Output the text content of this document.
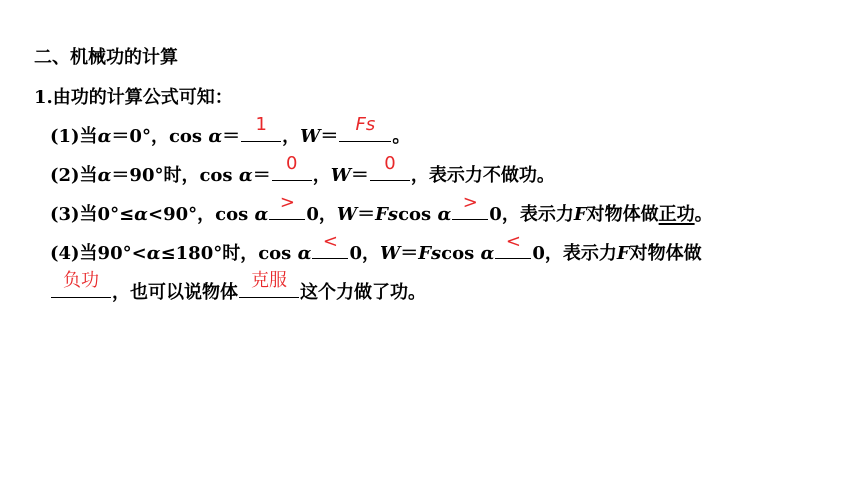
二、机械功的计算
1.由功的计算公式可知：
(1)当α＝0°，cos α＝
1
，W＝
Fs
。
(2)当α＝90°时，cos α＝
0
，W＝
0
，表示力不做功。
(3)当0°≤α<90°，cos α
>
0，W＝Fscos α
>
0，表示力F对物体做正功。
(4)当90°<α≤180°时，cos α
<
0，W＝Fscos α
<
0，表示力F对物体做
负功
，也可以说物体
克服
这个力做了功。
